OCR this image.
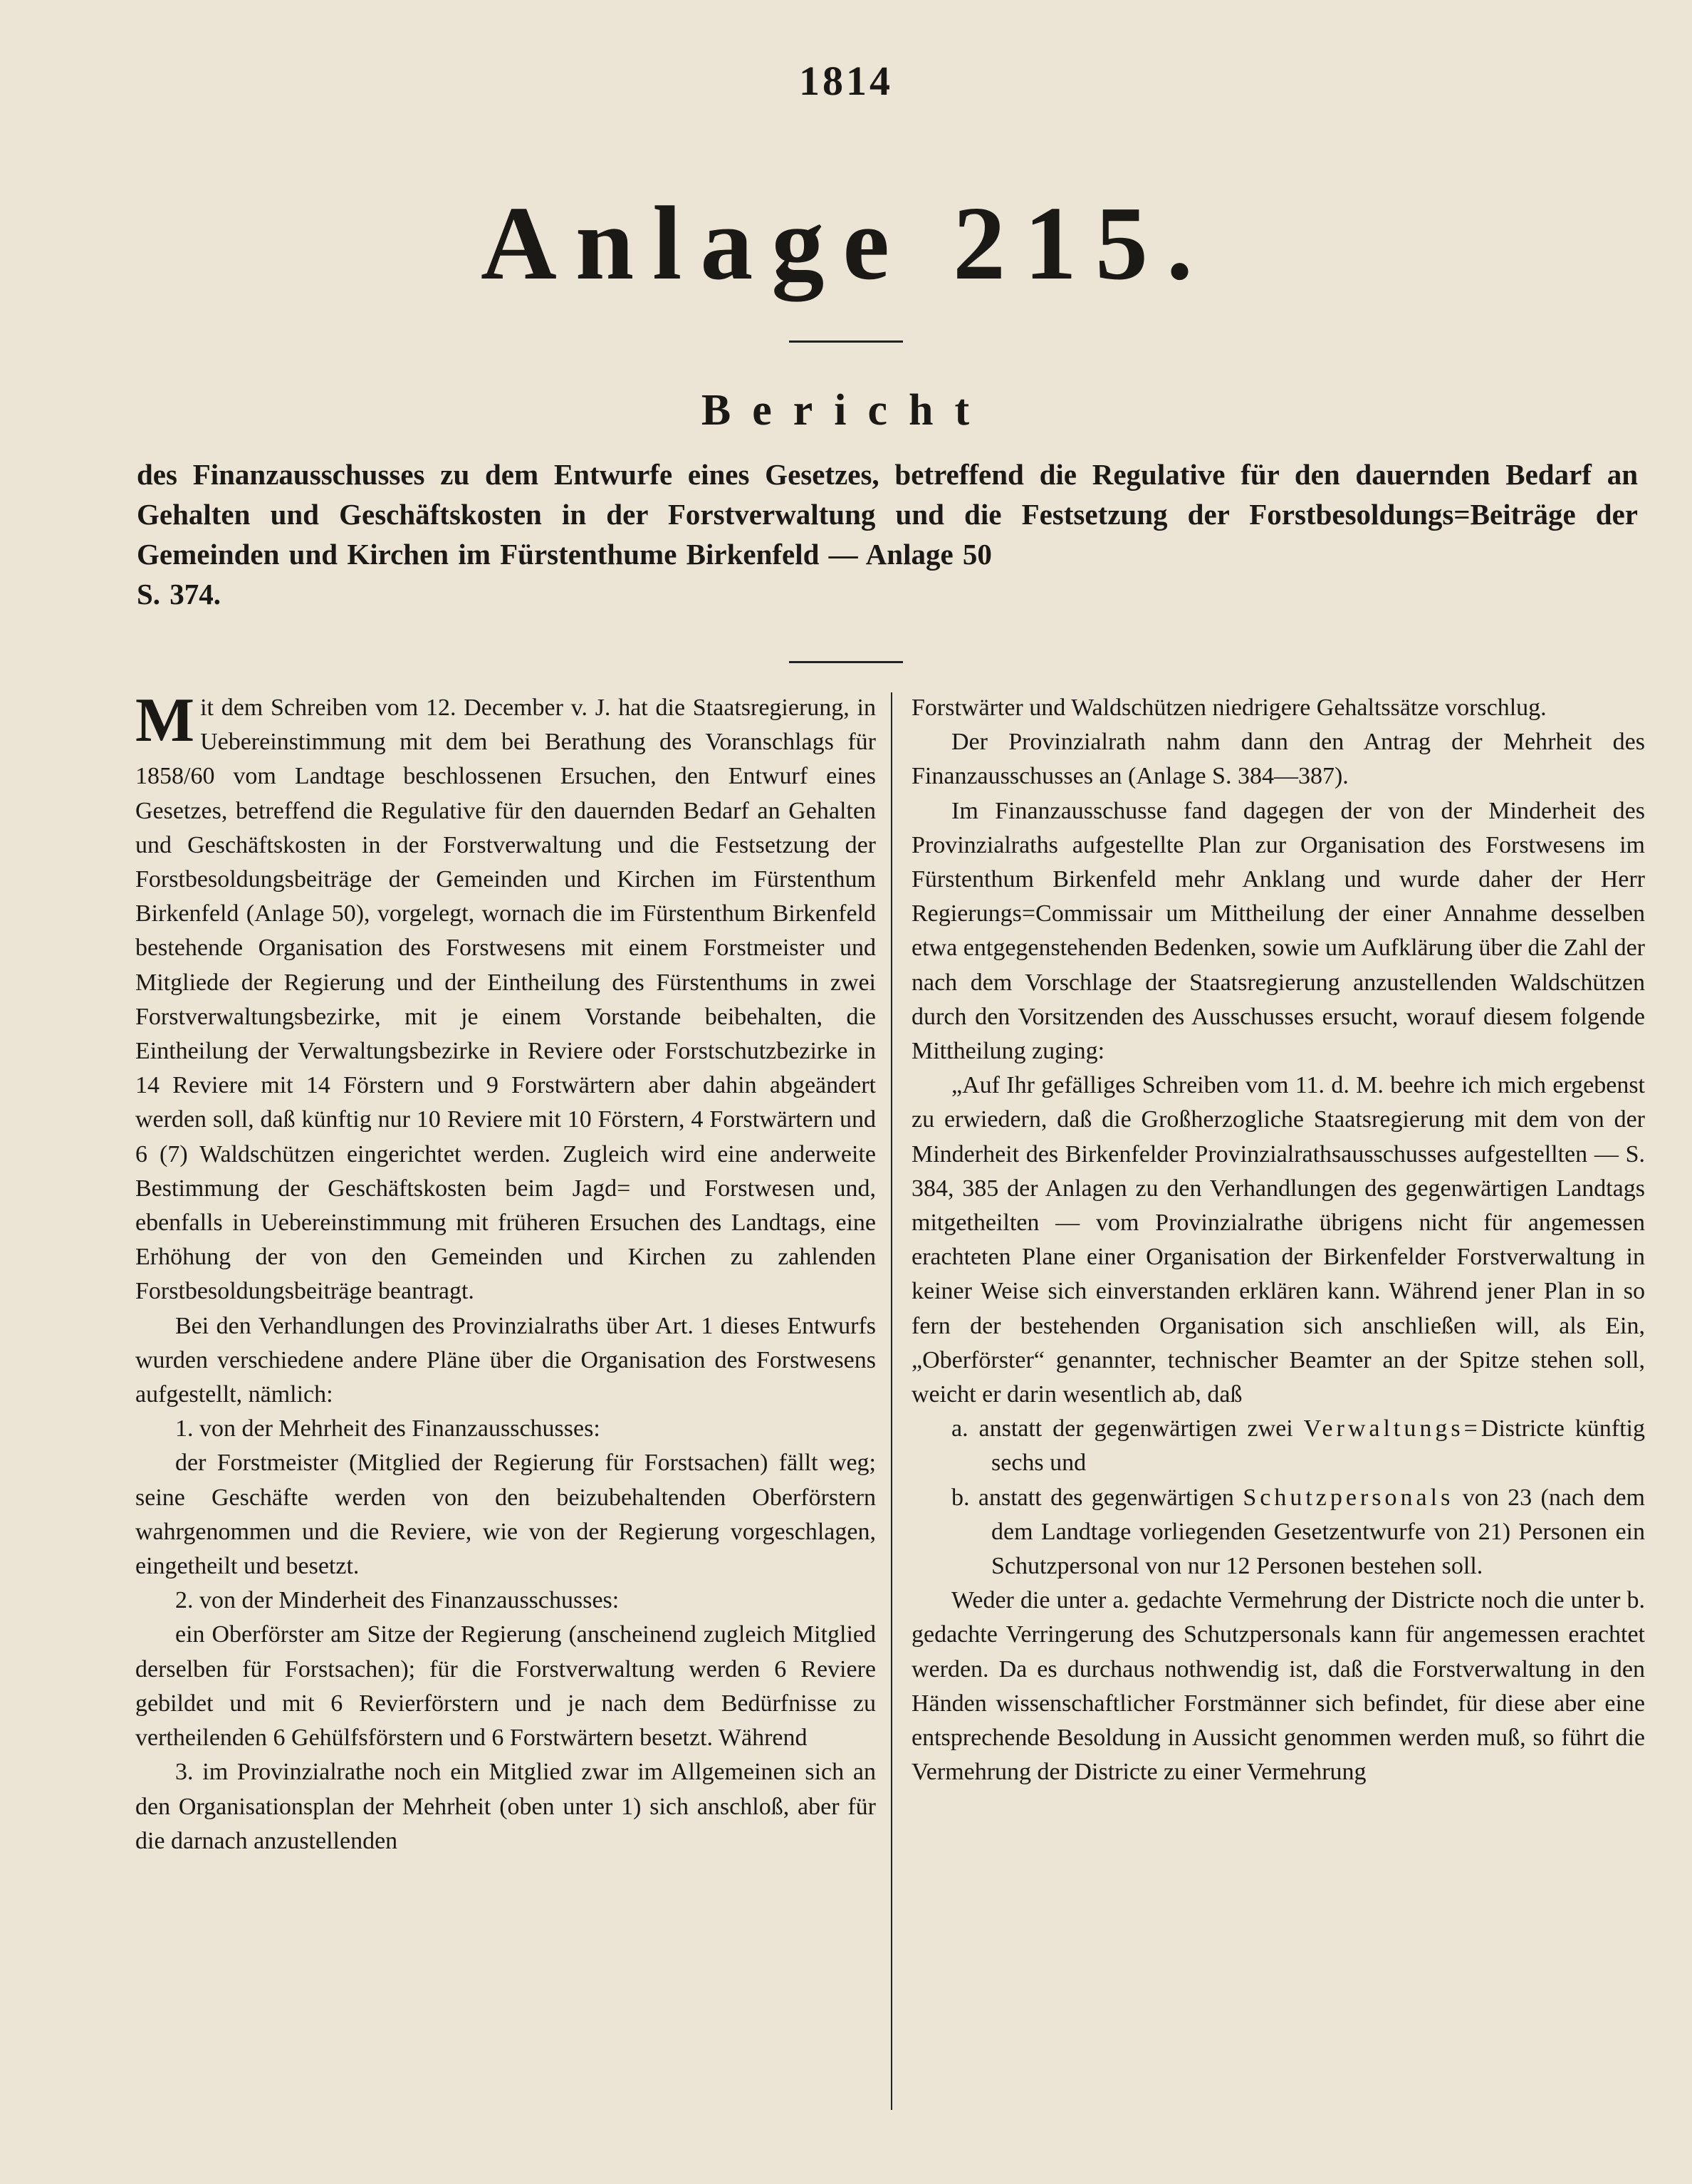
1814
Anlage 215.
Bericht
des Finanzausschusses zu dem Entwurfe eines Gesetzes, betreffend die Regulative für den dauernden Bedarf an Gehalten und Geschäftskosten in der Forstverwaltung und die Festsetzung der Forstbesoldungs=Beiträge der Gemeinden und Kirchen im Fürstenthume Birkenfeld — Anlage 50
S. 374.

Mit dem Schreiben vom 12. December v. J. hat die Staatsregierung, in Uebereinstimmung mit dem bei Berathung des Voranschlags für 1858/60 vom Landtage beschlossenen Ersuchen, den Entwurf eines Gesetzes, betreffend die Regulative für den dauernden Bedarf an Gehalten und Geschäftskosten in der Forstverwaltung und die Festsetzung der Forstbesoldungsbeiträge der Gemeinden und Kirchen im Fürstenthum Birkenfeld (Anlage 50), vorgelegt, wornach die im Fürstenthum Birkenfeld bestehende Organisation des Forstwesens mit einem Forstmeister und Mitgliede der Regierung und der Eintheilung des Fürstenthums in zwei Forstverwaltungsbezirke, mit je einem Vorstande beibehalten, die Eintheilung der Verwaltungsbezirke in Reviere oder Forstschutzbezirke in 14 Reviere mit 14 Förstern und 9 Forstwärtern aber dahin abgeändert werden soll, daß künftig nur 10 Reviere mit 10 Förstern, 4 Forstwärtern und 6 (7) Waldschützen eingerichtet werden. Zugleich wird eine anderweite Bestimmung der Geschäftskosten beim Jagd= und Forstwesen und, ebenfalls in Uebereinstimmung mit früheren Ersuchen des Landtags, eine Erhöhung der von den Gemeinden und Kirchen zu zahlenden Forstbesoldungsbeiträge beantragt.

Bei den Verhandlungen des Provinzialraths über Art. 1 dieses Entwurfs wurden verschiedene andere Pläne über die Organisation des Forstwesens aufgestellt, nämlich:

1. von der Mehrheit des Finanzausschusses:

der Forstmeister (Mitglied der Regierung für Forstsachen) fällt weg; seine Geschäfte werden von den beizubehaltenden Oberförstern wahrgenommen und die Reviere, wie von der Regierung vorgeschlagen, eingetheilt und besetzt.

2. von der Minderheit des Finanzausschusses:

ein Oberförster am Sitze der Regierung (anscheinend zugleich Mitglied derselben für Forstsachen); für die Forstverwaltung werden 6 Reviere gebildet und mit 6 Revierförstern und je nach dem Bedürfnisse zu vertheilenden 6 Gehülfsförstern und 6 Forstwärtern besetzt. Während

3. im Provinzialrathe noch ein Mitglied zwar im Allgemeinen sich an den Organisationsplan der Mehrheit (oben unter 1) sich anschloß, aber für die darnach anzustellenden

Forstwärter und Waldschützen niedrigere Gehaltssätze vorschlug.

Der Provinzialrath nahm dann den Antrag der Mehrheit des Finanzausschusses an (Anlage S. 384—387).

Im Finanzausschusse fand dagegen der von der Minderheit des Provinzialraths aufgestellte Plan zur Organisation des Forstwesens im Fürstenthum Birkenfeld mehr Anklang und wurde daher der Herr Regierungs=Commissair um Mittheilung der einer Annahme desselben etwa entgegenstehenden Bedenken, sowie um Aufklärung über die Zahl der nach dem Vorschlage der Staatsregierung anzustellenden Waldschützen durch den Vorsitzenden des Ausschusses ersucht, worauf diesem folgende Mittheilung zuging:

„Auf Ihr gefälliges Schreiben vom 11. d. M. beehre ich mich ergebenst zu erwiedern, daß die Großherzogliche Staatsregierung mit dem von der Minderheit des Birkenfelder Provinzialrathsausschusses aufgestellten — S. 384, 385 der Anlagen zu den Verhandlungen des gegenwärtigen Landtags mitgetheilten — vom Provinzialrathe übrigens nicht für angemessen erachteten Plane einer Organisation der Birkenfelder Forstverwaltung in keiner Weise sich einverstanden erklären kann. Während jener Plan in so fern der bestehenden Organisation sich anschließen will, als Ein, „Oberförster“ genannter, technischer Beamter an der Spitze stehen soll, weicht er darin wesentlich ab, daß

a. anstatt der gegenwärtigen zwei Verwaltungs=Districte künftig sechs und

b. anstatt des gegenwärtigen Schutzpersonals von 23 (nach dem dem Landtage vorliegenden Gesetzentwurfe von 21) Personen ein Schutzpersonal von nur 12 Personen bestehen soll.

Weder die unter a. gedachte Vermehrung der Districte noch die unter b. gedachte Verringerung des Schutzpersonals kann für angemessen erachtet werden. Da es durchaus nothwendig ist, daß die Forstverwaltung in den Händen wissenschaftlicher Forstmänner sich befindet, für diese aber eine entsprechende Besoldung in Aussicht genommen werden muß, so führt die Vermehrung der Districte zu einer Vermehrung
